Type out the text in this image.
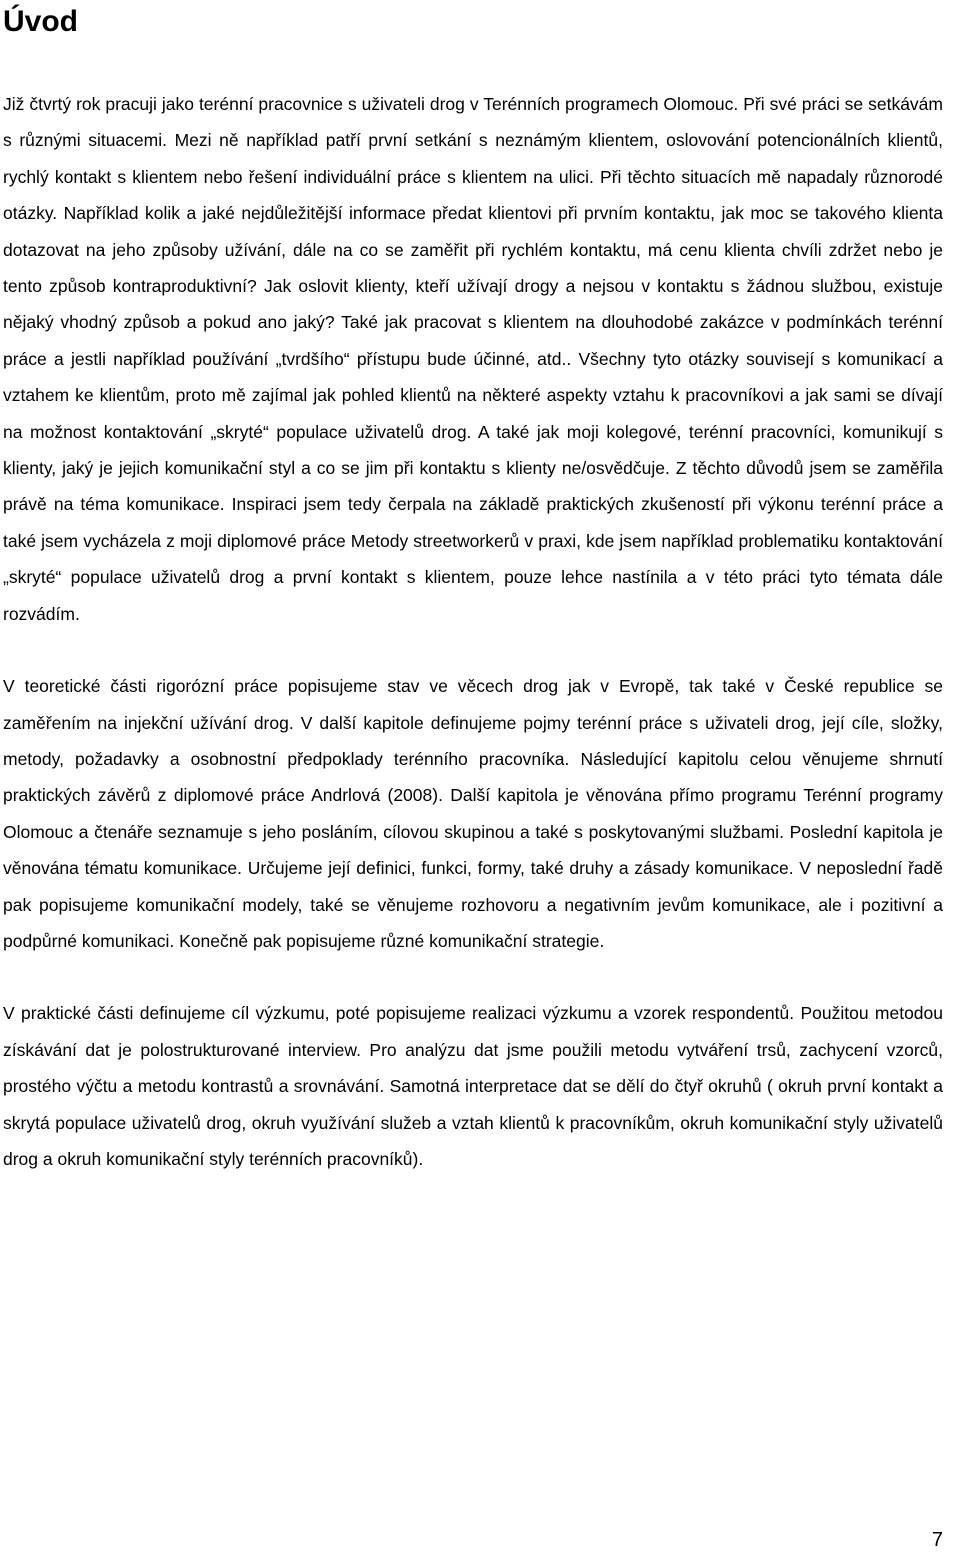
Úvod

Již čtvrtý rok pracuji jako terénní pracovnice s uživateli drog v Terénních programech Olomouc. Při své práci se setkávám s různými situacemi. Mezi ně například patří první setkání s neznámým klientem, oslovování potencionálních klientů, rychlý kontakt s klientem nebo řešení individuální práce s klientem na ulici. Při těchto situacích mě napadaly různorodé otázky. Například kolik a jaké nejdůležitější informace předat klientovi při prvním kontaktu, jak moc se takového klienta dotazovat na jeho způsoby užívání, dále na co se zaměřit při rychlém kontaktu, má cenu klienta chvíli zdržet nebo je tento způsob kontraproduktivní? Jak oslovit klienty, kteří užívají drogy a nejsou v kontaktu s žádnou službou, existuje nějaký vhodný způsob a pokud ano jaký? Také jak pracovat s klientem na dlouhodobé zakázce v podmínkách terénní práce a jestli například používání „tvrdšího“ přístupu bude účinné, atd.. Všechny tyto otázky souvisejí s komunikací a vztahem ke klientům, proto mě zajímal jak pohled klientů na některé aspekty vztahu k pracovníkovi a jak sami se dívají na možnost kontaktování „skryté“ populace uživatelů drog. A také jak moji kolegové, terénní pracovníci, komunikují s klienty, jaký je jejich komunikační styl a co se jim při kontaktu s klienty ne/osvědčuje. Z těchto důvodů jsem se zaměřila právě na téma komunikace. Inspiraci jsem tedy čerpala na základě praktických zkušeností při výkonu terénní práce a také jsem vycházela z moji diplomové práce Metody streetworkerů v praxi, kde jsem například problematiku kontaktování „skryté“ populace uživatelů drog a první kontakt s klientem, pouze lehce nastínila a v této práci tyto témata dále rozvádím.

V teoretické části rigorózní práce popisujeme stav ve věcech drog jak v Evropě, tak také v České republice se zaměřením na injekční užívání drog. V další kapitole definujeme pojmy terénní práce s uživateli drog, její cíle, složky, metody, požadavky a osobnostní předpoklady terénního pracovníka. Následující kapitolu celou věnujeme shrnutí praktických závěrů z diplomové práce Andrlová (2008). Další kapitola je věnována přímo programu Terénní programy Olomouc a čtenáře seznamuje s jeho posláním, cílovou skupinou a také s poskytovanými službami. Poslední kapitola je věnována tématu komunikace. Určujeme její definici, funkci, formy, také druhy a zásady komunikace. V neposlední řadě pak popisujeme komunikační modely, také se věnujeme rozhovoru a negativním jevům komunikace, ale i pozitivní a podpůrné komunikaci. Konečně pak popisujeme různé komunikační strategie.

V praktické části definujeme cíl výzkumu, poté popisujeme realizaci výzkumu a vzorek respondentů. Použitou metodou získávání dat je polostrukturované interview. Pro analýzu dat jsme použili metodu vytváření trsů, zachycení vzorců, prostého výčtu a metodu kontrastů a srovnávání. Samotná interpretace dat se dělí do čtyř okruhů ( okruh první kontakt a skrytá populace uživatelů drog, okruh využívání služeb a vztah klientů k pracovníkům, okruh komunikační styly uživatelů drog a okruh komunikační styly terénních pracovníků).

7
